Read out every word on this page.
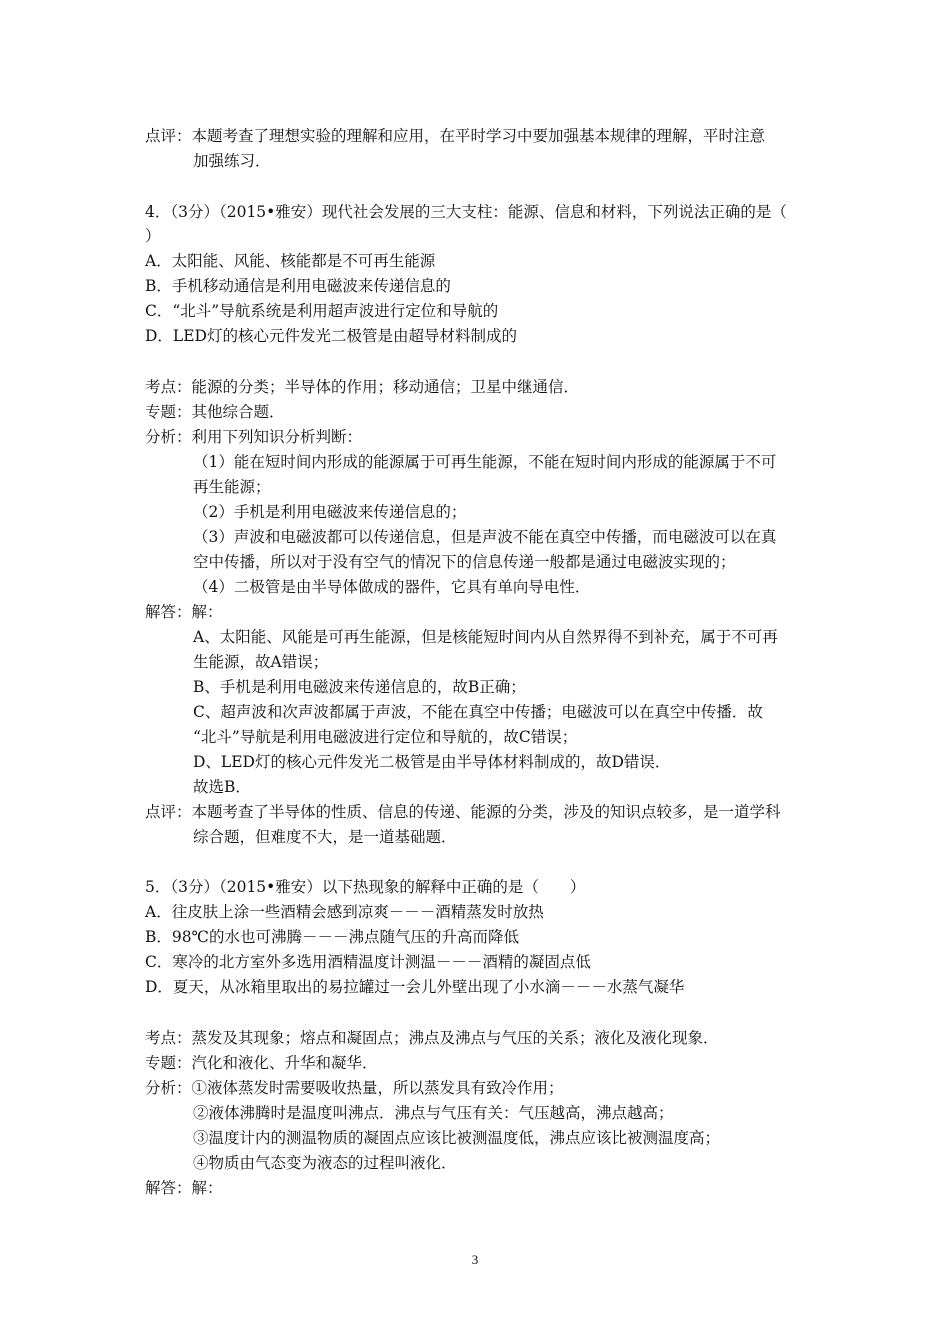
点评：本题考查了理想实验的理解和应用，在平时学习中要加强基本规律的理解，平时注意
加强练习．
4．（3分）（2015•雅安）现代社会发展的三大支柱：能源、信息和材料，下列说法正确的是（
）
A．太阳能、风能、核能都是不可再生能源
B．手机移动通信是利用电磁波来传递信息的
C．“北斗”导航系统是利用超声波进行定位和导航的
D．LED灯的核心元件发光二极管是由超导材料制成的
考点：能源的分类；半导体的作用；移动通信；卫星中继通信．
专题：其他综合题．
分析：利用下列知识分析判断：
（1）能在短时间内形成的能源属于可再生能源，不能在短时间内形成的能源属于不可
再生能源；
（2）手机是利用电磁波来传递信息的；
（3）声波和电磁波都可以传递信息，但是声波不能在真空中传播，而电磁波可以在真
空中传播，所以对于没有空气的情况下的信息传递一般都是通过电磁波实现的；
（4）二极管是由半导体做成的器件，它具有单向导电性．
解答：解：
A、太阳能、风能是可再生能源，但是核能短时间内从自然界得不到补充，属于不可再
生能源，故A错误；
B、手机是利用电磁波来传递信息的，故B正确；
C、超声波和次声波都属于声波，不能在真空中传播；电磁波可以在真空中传播．故
“北斗”导航是利用电磁波进行定位和导航的，故C错误；
D、LED灯的核心元件发光二极管是由半导体材料制成的，故D错误．
故选B．
点评：本题考查了半导体的性质、信息的传递、能源的分类，涉及的知识点较多，是一道学科
综合题，但难度不大，是一道基础题．
5．（3分）（2015•雅安）以下热现象的解释中正确的是（　　）
A．往皮肤上涂一些酒精会感到凉爽－－－酒精蒸发时放热
B．98℃的水也可沸腾－－－沸点随气压的升高而降低
C．寒冷的北方室外多选用酒精温度计测温－－－酒精的凝固点低
D．夏天，从冰箱里取出的易拉罐过一会儿外壁出现了小水滴－－－水蒸气凝华
考点：蒸发及其现象；熔点和凝固点；沸点及沸点与气压的关系；液化及液化现象．
专题：汽化和液化、升华和凝华．
分析：①液体蒸发时需要吸收热量，所以蒸发具有致冷作用；
②液体沸腾时是温度叫沸点．沸点与气压有关：气压越高，沸点越高；
③温度计内的测温物质的凝固点应该比被测温度低，沸点应该比被测温度高；
④物质由气态变为液态的过程叫液化．
解答：解：
3
